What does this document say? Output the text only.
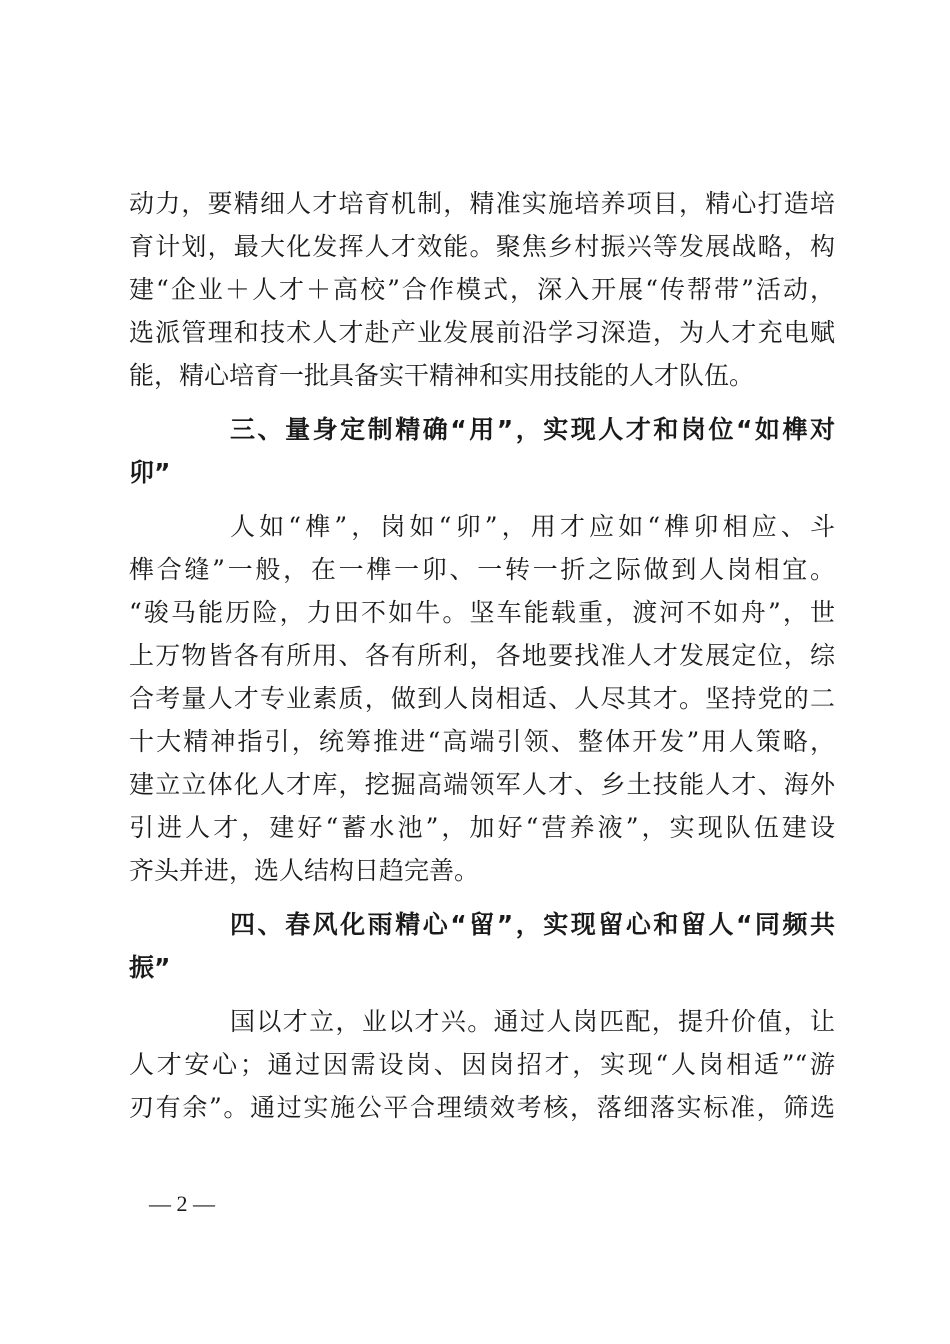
动力，要精细人才培育机制，精准实施培养项目，精心打造培
育计划，最大化发挥人才效能。聚焦乡村振兴等发展战略，构
建“企业＋人才＋高校”合作模式，深入开展“传帮带”活动，
选派管理和技术人才赴产业发展前沿学习深造，为人才充电赋
能，精心培育一批具备实干精神和实用技能的人才队伍。
三、量身定制精确“用”，实现人才和岗位“如榫对
卯”
人如“榫”，岗如“卯”，用才应如“榫卯相应、斗
榫合缝”一般，在一榫一卯、一转一折之际做到人岗相宜。
“骏马能历险，力田不如牛。坚车能载重，渡河不如舟”，世
上万物皆各有所用、各有所利，各地要找准人才发展定位，综
合考量人才专业素质，做到人岗相适、人尽其才。坚持党的二
十大精神指引，统筹推进“高端引领、整体开发”用人策略，
建立立体化人才库，挖掘高端领军人才、乡土技能人才、海外
引进人才，建好“蓄水池”，加好“营养液”，实现队伍建设
齐头并进，选人结构日趋完善。
四、春风化雨精心“留”，实现留心和留人“同频共
振”
国以才立，业以才兴。通过人岗匹配，提升价值，让
人才安心；通过因需设岗、因岗招才，实现“人岗相适”“游
刃有余”。通过实施公平合理绩效考核，落细落实标准，筛选
— 2 —
